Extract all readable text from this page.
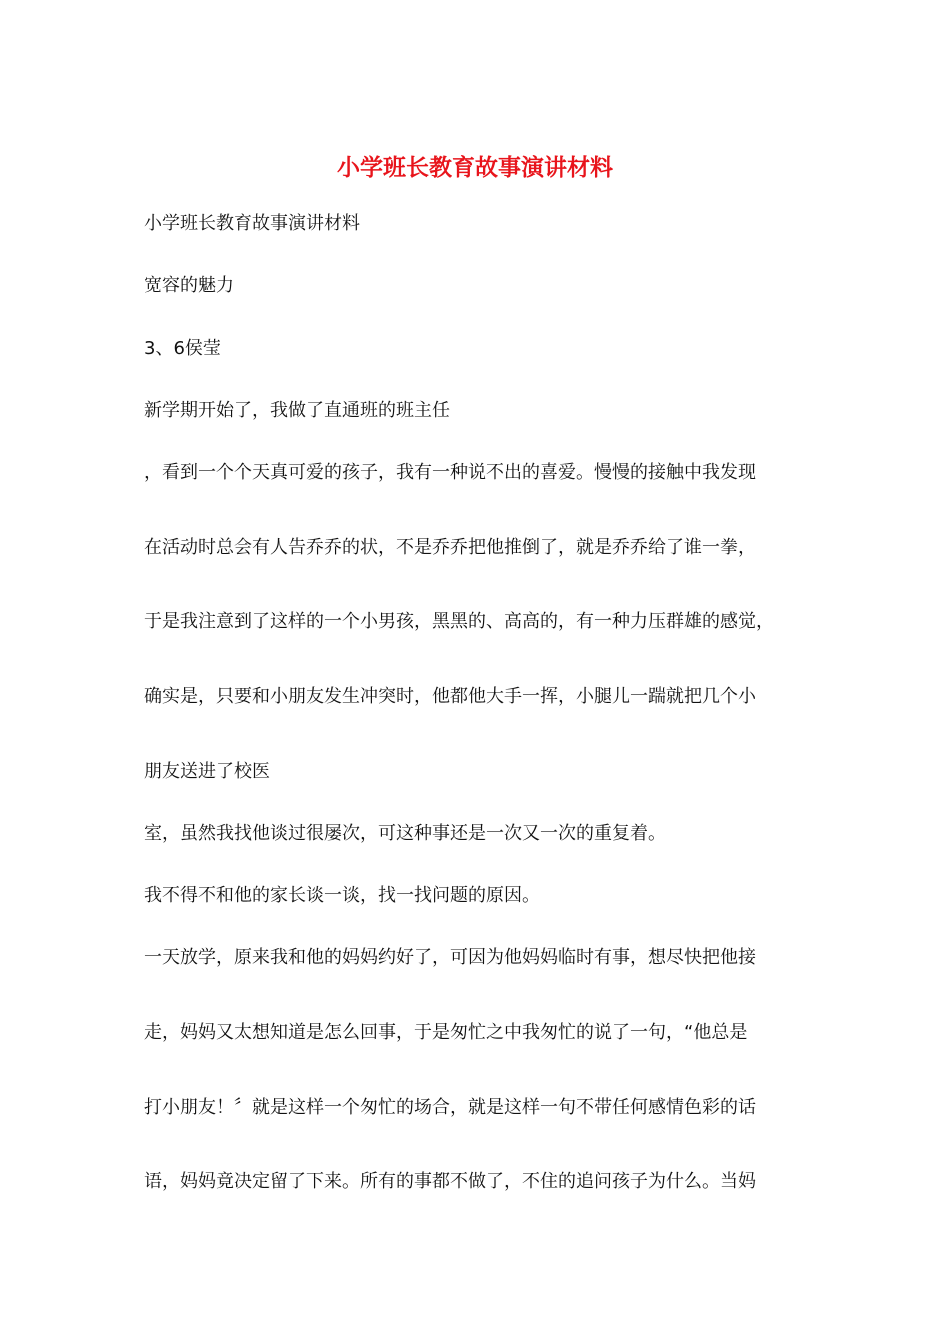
小学班长教育故事演讲材料
小学班长教育故事演讲材料
宽容的魅力
3、6侯莹
新学期开始了，我做了直通班的班主任
，看到一个个天真可爱的孩子，我有一种说不出的喜爱。慢慢的接触中我发现
在活动时总会有人告乔乔的状，不是乔乔把他推倒了，就是乔乔给了谁一拳，
于是我注意到了这样的一个小男孩，黑黑的、高高的，有一种力压群雄的感觉，
确实是，只要和小朋友发生冲突时，他都他大手一挥，小腿儿一踹就把几个小
朋友送进了校医
室，虽然我找他谈过很屡次，可这种事还是一次又一次的重复着。
我不得不和他的家长谈一谈，找一找问题的原因。
一天放学，原来我和他的妈妈约好了，可因为他妈妈临时有事，想尽快把他接
走，妈妈又太想知道是怎么回事，于是匆忙之中我匆忙的说了一句，“他总是
打小朋友！〞就是这样一个匆忙的场合，就是这样一句不带任何感情色彩的话
语，妈妈竟决定留了下来。所有的事都不做了，不住的追问孩子为什么。当妈
